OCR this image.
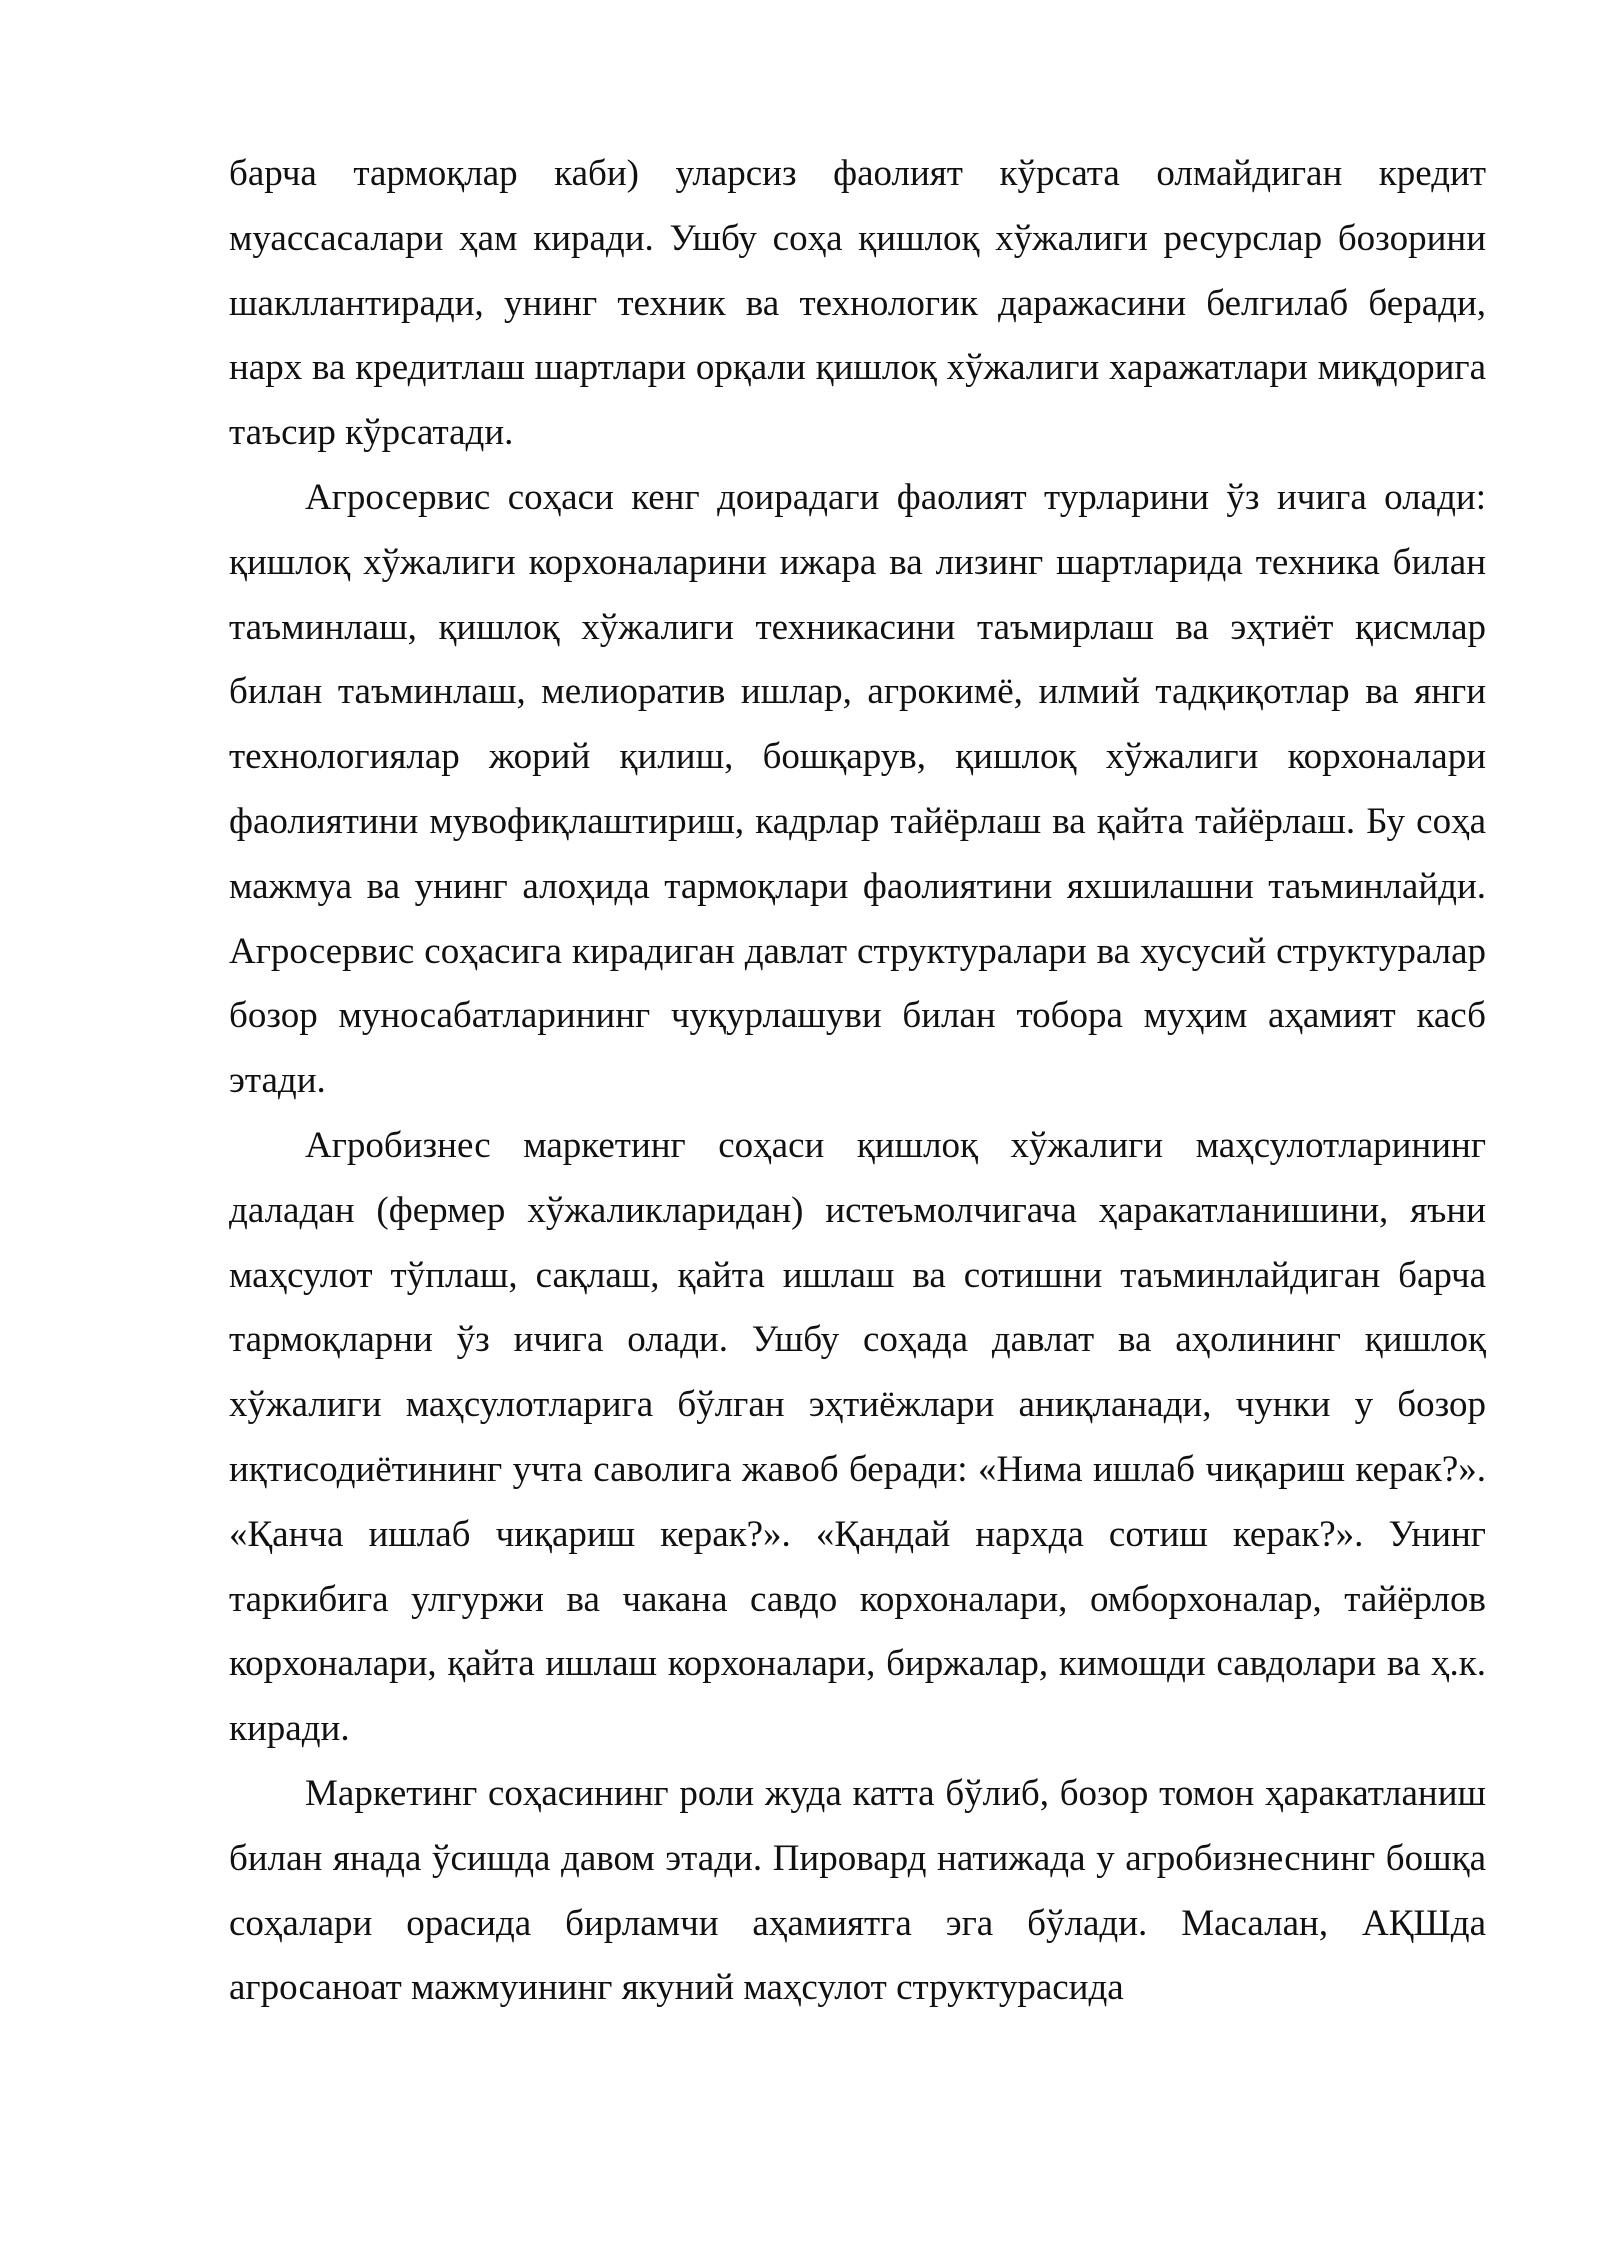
барча тармоқлар каби) уларсиз фаолият кўрсата олмайдиган кредит муассасалари ҳам киради. Ушбу соҳа қишлоқ хўжалиги ресурслар бозорини шакллантиради, унинг техник ва технологик даражасини белгилаб беради, нарх ва кредитлаш шартлари орқали қишлоқ хўжалиги харажатлари миқдорига таъсир кўрсатади.

Агросервис соҳаси кенг доирадаги фаолият турларини ўз ичига олади: қишлоқ хўжалиги корхоналарини ижара ва лизинг шартларида техника билан таъминлаш, қишлоқ хўжалиги техникасини таъмирлаш ва эҳтиёт қисмлар билан таъминлаш, мелиоратив ишлар, агрокимё, илмий тадқиқотлар ва янги технологиялар жорий қилиш, бошқарув, қишлоқ хўжалиги корхоналари фаолиятини мувофиқлаштириш, кадрлар тайёрлаш ва қайта тайёрлаш. Бу соҳа мажмуа ва унинг алоҳида тармоқлари фаолиятини яхшилашни таъминлайди. Агросервис соҳасига кирадиган давлат структуралари ва хусусий структуралар бозор муносабатларининг чуқурлашуви билан тобора муҳим аҳамият касб этади.

Агробизнес маркетинг соҳаси қишлоқ хўжалиги маҳсулотларининг даладан (фермер хўжаликларидан) истеъмолчигача ҳаракатланишини, яъни маҳсулот тўплаш, сақлаш, қайта ишлаш ва сотишни таъминлайдиган барча тармоқларни ўз ичига олади. Ушбу соҳада давлат ва аҳолининг қишлоқ хўжалиги маҳсулотларига бўлган эҳтиёжлари аниқланади, чунки у бозор иқтисодиётининг учта саволига жавоб беради: «Нима ишлаб чиқариш керак?». «Қанча ишлаб чиқариш керак?». «Қандай нархда сотиш керак?». Унинг таркибига улгуржи ва чакана савдо корхоналари, омборхоналар, тайёрлов корхоналари, қайта ишлаш корхоналари, биржалар, кимошди савдолари ва ҳ.к. киради.

Маркетинг соҳасининг роли жуда катта бўлиб, бозор томон ҳаракатланиш билан янада ўсишда давом этади. Пировард натижада у агробизнеснинг бошқа соҳалари орасида бирламчи аҳамиятга эга бўлади. Масалан, АҚШда агросаноат мажмуининг якуний маҳсулот структурасида
